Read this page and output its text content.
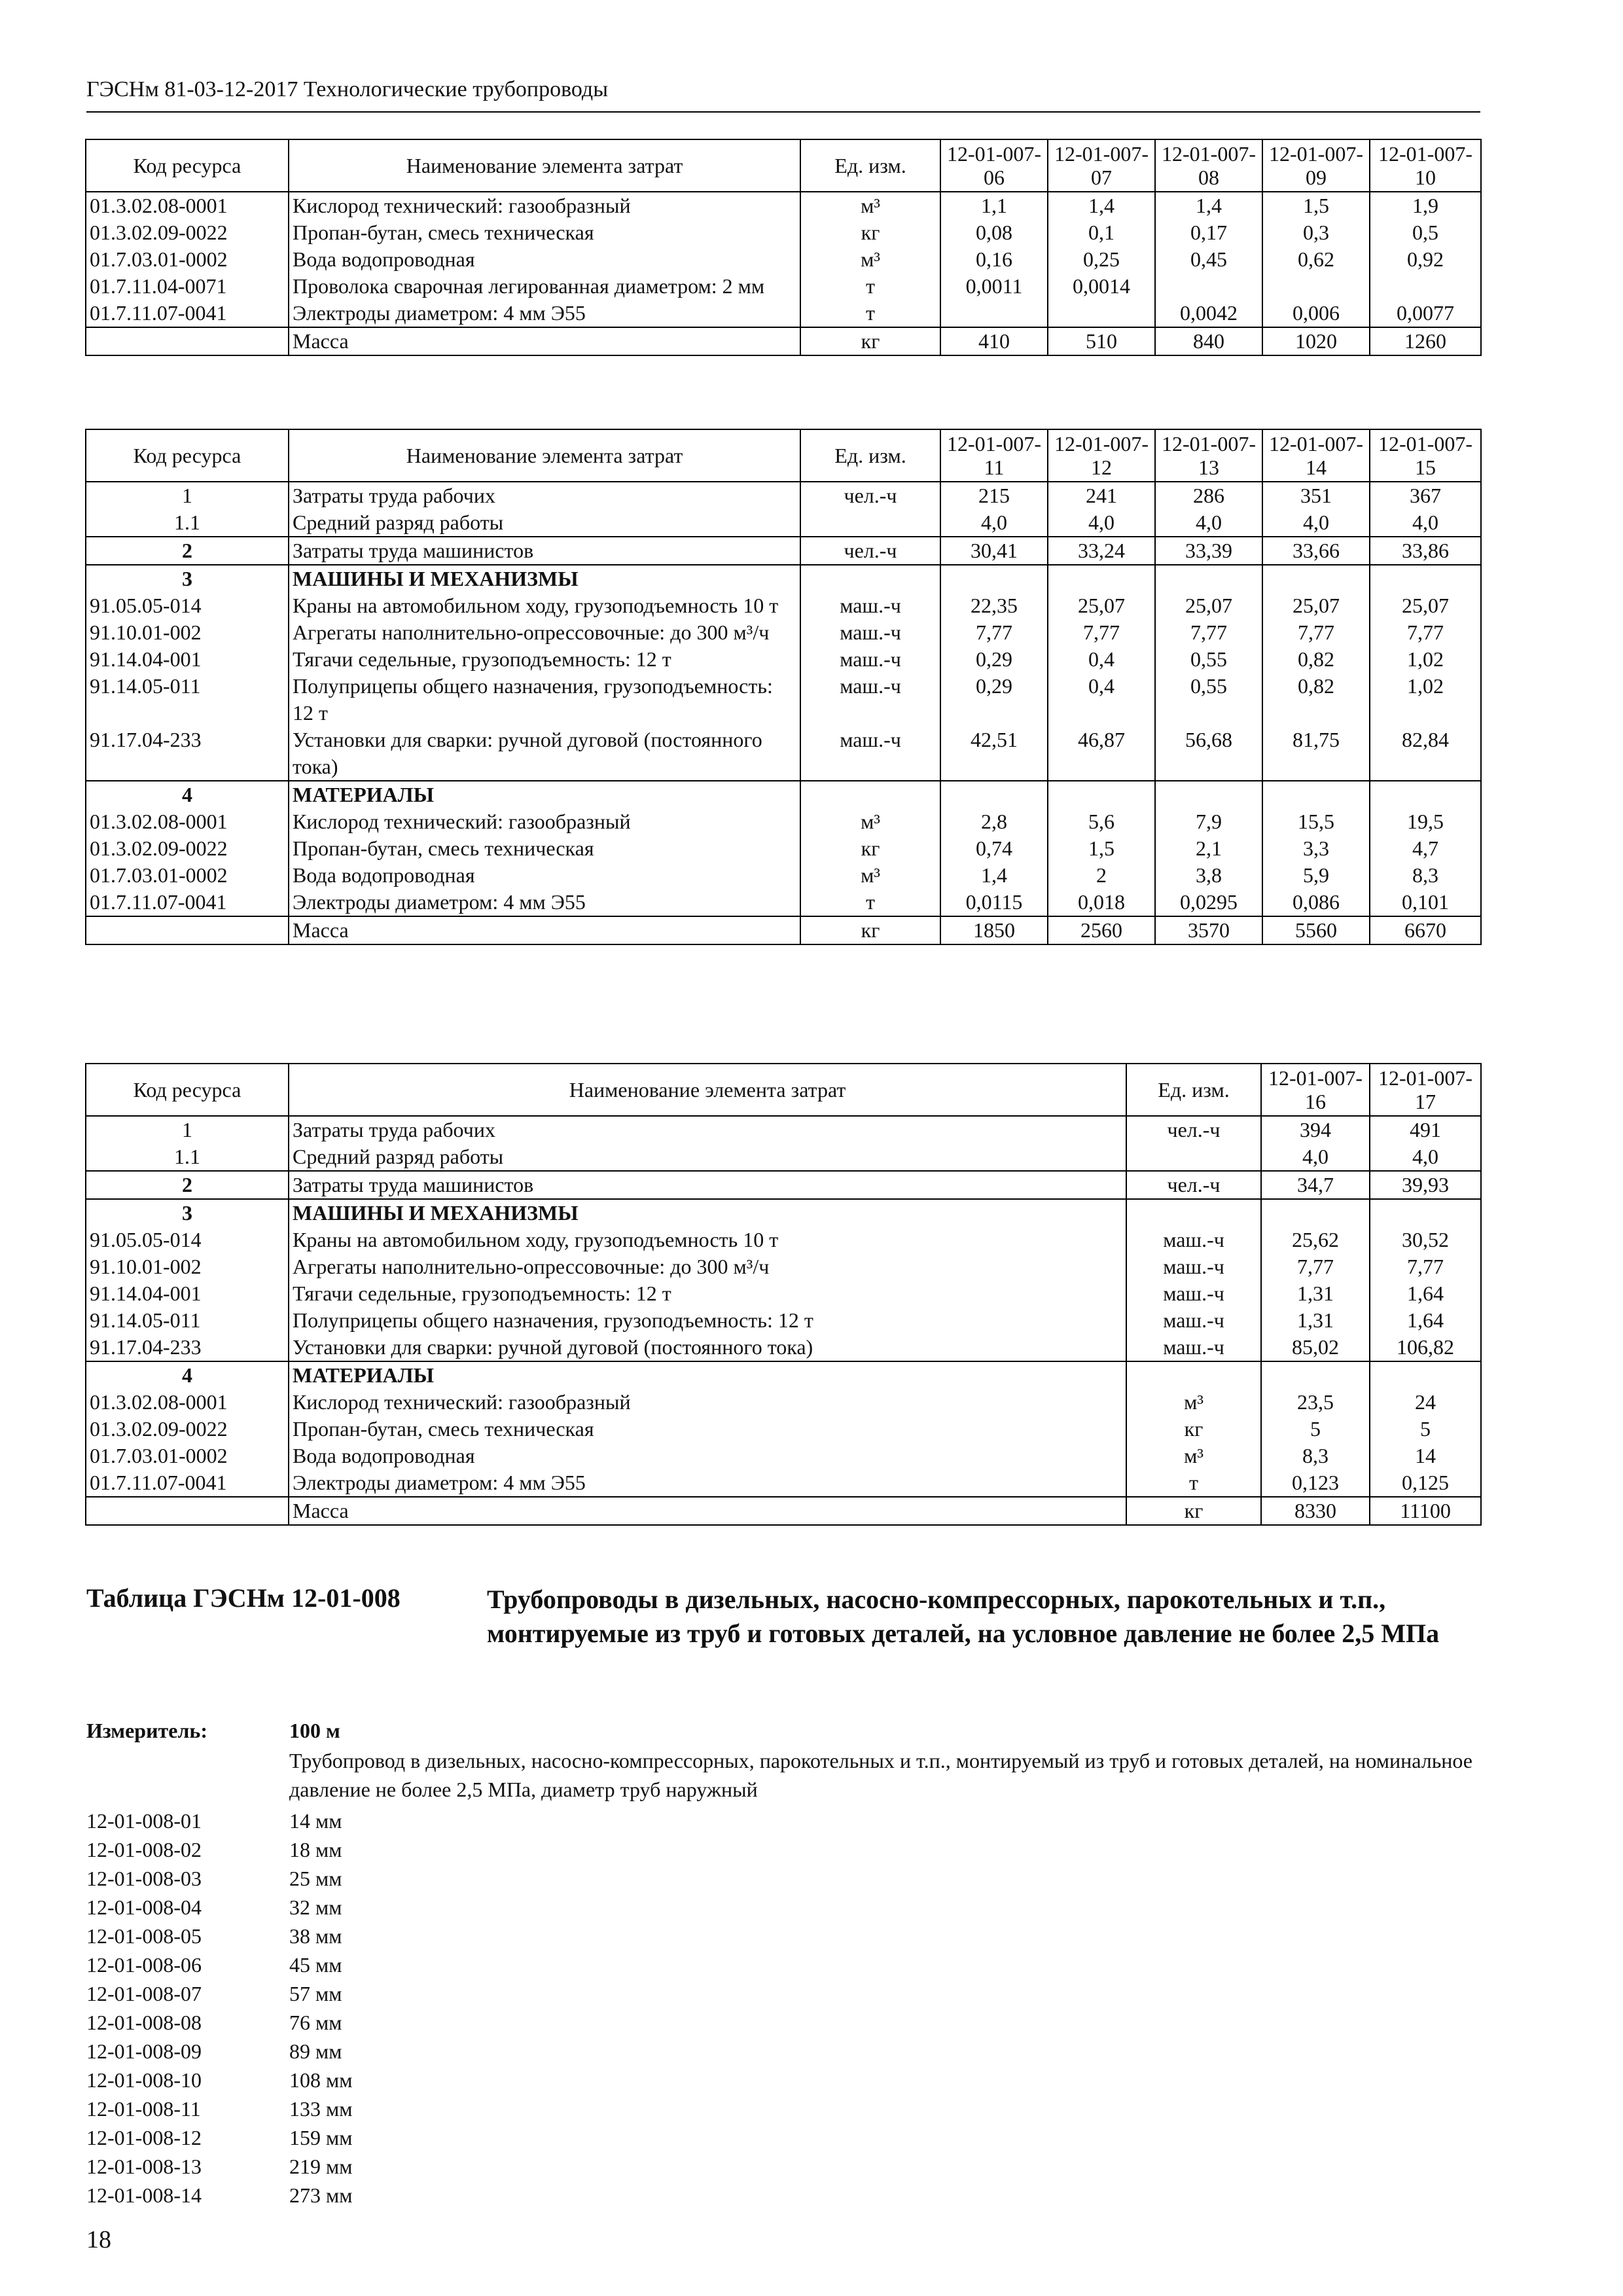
ГЭСНм 81-03-12-2017 Технологические трубопроводы
Код ресурса	Наименование элемента затрат	Ед. изм.	12-01-007-06	12-01-007-07	12-01-007-08	12-01-007-09	12-01-007-10
01.3.02.08-0001	Кислород технический: газообразный	м³	1,1	1,4	1,4	1,5	1,9
01.3.02.09-0022	Пропан-бутан, смесь техническая	кг	0,08	0,1	0,17	0,3	0,5
01.7.03.01-0002	Вода водопроводная	м³	0,16	0,25	0,45	0,62	0,92
01.7.11.04-0071	Проволока сварочная легированная диаметром: 2 мм	т	0,0011	0,0014			
01.7.11.07-0041	Электроды диаметром: 4 мм Э55	т			0,0042	0,006	0,0077
	Масса	кг	410	510	840	1020	1260
Код ресурса	Наименование элемента затрат	Ед. изм.	12-01-007-11	12-01-007-12	12-01-007-13	12-01-007-14	12-01-007-15
1	Затраты труда рабочих	чел.-ч	215	241	286	351	367
1.1	Средний разряд работы		4,0	4,0	4,0	4,0	4,0
2	Затраты труда машинистов	чел.-ч	30,41	33,24	33,39	33,66	33,86
3	МАШИНЫ И МЕХАНИЗМЫ						
91.05.05-014	Краны на автомобильном ходу, грузоподъемность 10 т	маш.-ч	22,35	25,07	25,07	25,07	25,07
91.10.01-002	Агрегаты наполнительно-опрессовочные: до 300 м³/ч	маш.-ч	7,77	7,77	7,77	7,77	7,77
91.14.04-001	Тягачи седельные, грузоподъемность: 12 т	маш.-ч	0,29	0,4	0,55	0,82	1,02
91.14.05-011	Полуприцепы общего назначения, грузоподъемность: 12 т	маш.-ч	0,29	0,4	0,55	0,82	1,02
91.17.04-233	Установки для сварки: ручной дуговой (постоянного тока)	маш.-ч	42,51	46,87	56,68	81,75	82,84
4	МАТЕРИАЛЫ						
01.3.02.08-0001	Кислород технический: газообразный	м³	2,8	5,6	7,9	15,5	19,5
01.3.02.09-0022	Пропан-бутан, смесь техническая	кг	0,74	1,5	2,1	3,3	4,7
01.7.03.01-0002	Вода водопроводная	м³	1,4	2	3,8	5,9	8,3
01.7.11.07-0041	Электроды диаметром: 4 мм Э55	т	0,0115	0,018	0,0295	0,086	0,101
	Масса	кг	1850	2560	3570	5560	6670
Код ресурса	Наименование элемента затрат	Ед. изм.	12-01-007-16	12-01-007-17
1	Затраты труда рабочих	чел.-ч	394	491
1.1	Средний разряд работы		4,0	4,0
2	Затраты труда машинистов	чел.-ч	34,7	39,93
3	МАШИНЫ И МЕХАНИЗМЫ			
91.05.05-014	Краны на автомобильном ходу, грузоподъемность 10 т	маш.-ч	25,62	30,52
91.10.01-002	Агрегаты наполнительно-опрессовочные: до 300 м³/ч	маш.-ч	7,77	7,77
91.14.04-001	Тягачи седельные, грузоподъемность: 12 т	маш.-ч	1,31	1,64
91.14.05-011	Полуприцепы общего назначения, грузоподъемность: 12 т	маш.-ч	1,31	1,64
91.17.04-233	Установки для сварки: ручной дуговой (постоянного тока)	маш.-ч	85,02	106,82
4	МАТЕРИАЛЫ			
01.3.02.08-0001	Кислород технический: газообразный	м³	23,5	24
01.3.02.09-0022	Пропан-бутан, смесь техническая	кг	5	5
01.7.03.01-0002	Вода водопроводная	м³	8,3	14
01.7.11.07-0041	Электроды диаметром: 4 мм Э55	т	0,123	0,125
	Масса	кг	8330	11100
Таблица ГЭСНм 12-01-008	Трубопроводы в дизельных, насосно-компрессорных, парокотельных и т.п., монтируемые из труб и готовых деталей, на условное давление не более 2,5 МПа
Измеритель:	100 м
Трубопровод в дизельных, насосно-компрессорных, парокотельных и т.п., монтируемый из труб и готовых деталей, на номинальное давление не более 2,5 МПа, диаметр труб наружный
12-01-008-01	14 мм
12-01-008-02	18 мм
12-01-008-03	25 мм
12-01-008-04	32 мм
12-01-008-05	38 мм
12-01-008-06	45 мм
12-01-008-07	57 мм
12-01-008-08	76 мм
12-01-008-09	89 мм
12-01-008-10	108 мм
12-01-008-11	133 мм
12-01-008-12	159 мм
12-01-008-13	219 мм
12-01-008-14	273 мм
18
